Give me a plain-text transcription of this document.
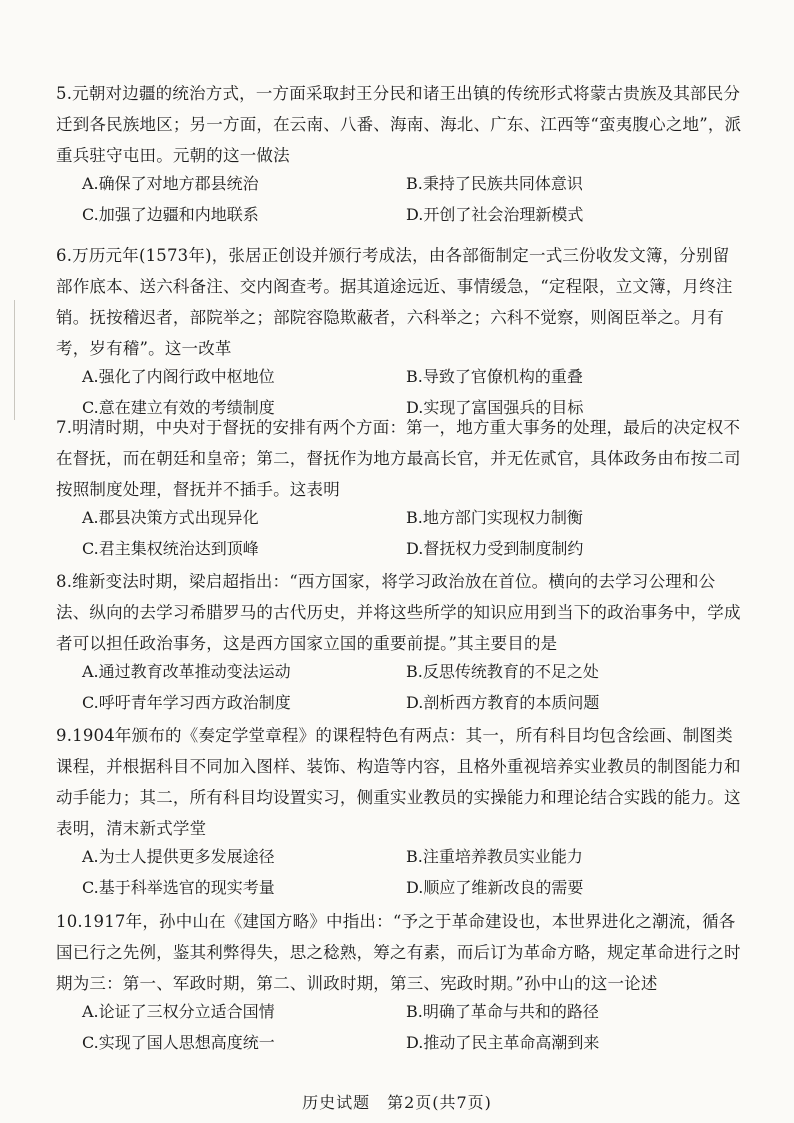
5.元朝对边疆的统治方式，一方面采取封王分民和诸王出镇的传统形式将蒙古贵族及其部民分迁到各民族地区；另一方面，在云南、八番、海南、海北、广东、江西等“蛮夷腹心之地”，派重兵驻守屯田。元朝的这一做法

A.确保了对地方郡县统治	B.秉持了民族共同体意识
C.加强了边疆和内地联系	D.开创了社会治理新模式

6.万历元年(1573年)，张居正创设并颁行考成法，由各部衙制定一式三份收发文簿，分别留部作底本、送六科备注、交内阁查考。据其道途远近、事情缓急，“定程限，立文簿，月终注销。抚按稽迟者，部院举之；部院容隐欺蔽者，六科举之；六科不觉察，则阁臣举之。月有考，岁有稽”。这一改革

A.强化了内阁行政中枢地位	B.导致了官僚机构的重叠
C.意在建立有效的考绩制度	D.实现了富国强兵的目标

7.明清时期，中央对于督抚的安排有两个方面：第一，地方重大事务的处理，最后的决定权不在督抚，而在朝廷和皇帝；第二，督抚作为地方最高长官，并无佐贰官，具体政务由布按二司按照制度处理，督抚并不插手。这表明

A.郡县决策方式出现异化	B.地方部门实现权力制衡
C.君主集权统治达到顶峰	D.督抚权力受到制度制约

8.维新变法时期，梁启超指出：“西方国家，将学习政治放在首位。横向的去学习公理和公法、纵向的去学习希腊罗马的古代历史，并将这些所学的知识应用到当下的政治事务中，学成者可以担任政治事务，这是西方国家立国的重要前提。”其主要目的是

A.通过教育改革推动变法运动	B.反思传统教育的不足之处
C.呼吁青年学习西方政治制度	D.剖析西方教育的本质问题

9.1904年颁布的《奏定学堂章程》的课程特色有两点：其一，所有科目均包含绘画、制图类课程，并根据科目不同加入图样、装饰、构造等内容，且格外重视培养实业教员的制图能力和动手能力；其二，所有科目均设置实习，侧重实业教员的实操能力和理论结合实践的能力。这表明，清末新式学堂

A.为士人提供更多发展途径	B.注重培养教员实业能力
C.基于科举选官的现实考量	D.顺应了维新改良的需要

10.1917年，孙中山在《建国方略》中指出：“予之于革命建设也，本世界进化之潮流，循各国已行之先例，鉴其利弊得失，思之稔熟，筹之有素，而后订为革命方略，规定革命进行之时期为三：第一、军政时期，第二、训政时期，第三、宪政时期。”孙中山的这一论述

A.论证了三权分立适合国情	B.明确了革命与共和的路径
C.实现了国人思想高度统一	D.推动了民主革命高潮到来
历史试题　第2页(共7页)
